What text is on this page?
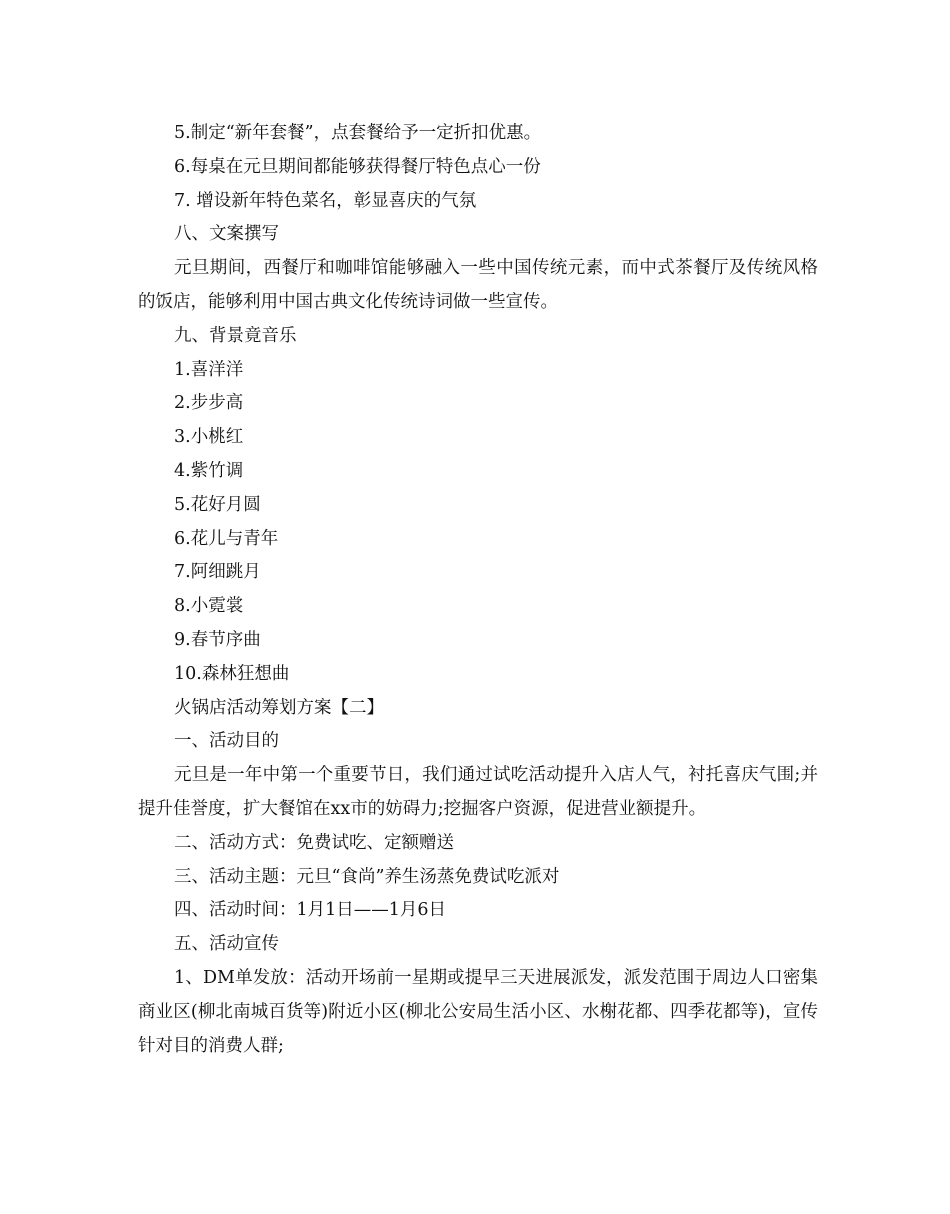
5.制定“新年套餐”，点套餐给予一定折扣优惠。

6.每桌在元旦期间都能够获得餐厅特色点心一份

7. 增设新年特色菜名，彰显喜庆的气氛

八、文案撰写

元旦期间，西餐厅和咖啡馆能够融入一些中国传统元素，而中式茶餐厅及传统风格的饭店，能够利用中国古典文化传统诗词做一些宣传。

九、背景竟音乐

1.喜洋洋

2.步步高

3.小桃红

4.紫竹调

5.花好月圆

6.花儿与青年

7.阿细跳月

8.小霓裳

9.春节序曲

10.森林狂想曲

火锅店活动筹划方案【二】

一、活动目的

元旦是一年中第一个重要节日，我们通过试吃活动提升入店人气，衬托喜庆气围;并提升佳誉度，扩大餐馆在xx市的妨碍力;挖掘客户资源，促进营业额提升。

二、活动方式：免费试吃、定额赠送

三、活动主题：元旦“食尚”养生汤蒸免费试吃派对

四、活动时间：1月1日——1月6日

五、活动宣传

1、DM单发放：活动开场前一星期或提早三天进展派发，派发范围于周边人口密集商业区(柳北南城百货等)附近小区(柳北公安局生活小区、水榭花都、四季花都等)，宣传针对目的消费人群;
